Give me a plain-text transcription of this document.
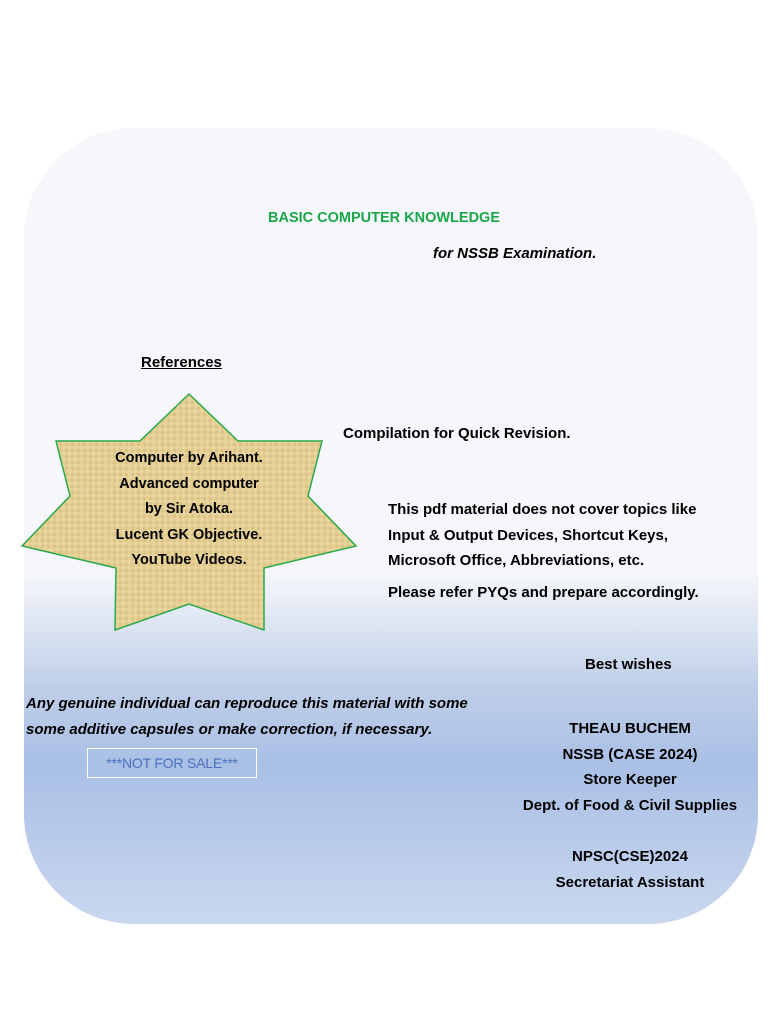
BASIC COMPUTER KNOWLEDGE
for NSSB Examination.
References
Computer by Arihant.
Advanced computer
by Sir Atoka.
Lucent GK Objective.
YouTube Videos.
Compilation for Quick Revision.
This pdf material does not cover topics like
Input & Output Devices, Shortcut Keys,
Microsoft Office, Abbreviations, etc.
Please refer PYQs and prepare accordingly.
Best wishes
Any genuine individual can reproduce this material with some
some additive capsules or make correction, if necessary.
***NOT FOR SALE***
THEAU BUCHEM
NSSB (CASE 2024)
Store Keeper
Dept. of Food & Civil Supplies
NPSC(CSE)2024
Secretariat Assistant
